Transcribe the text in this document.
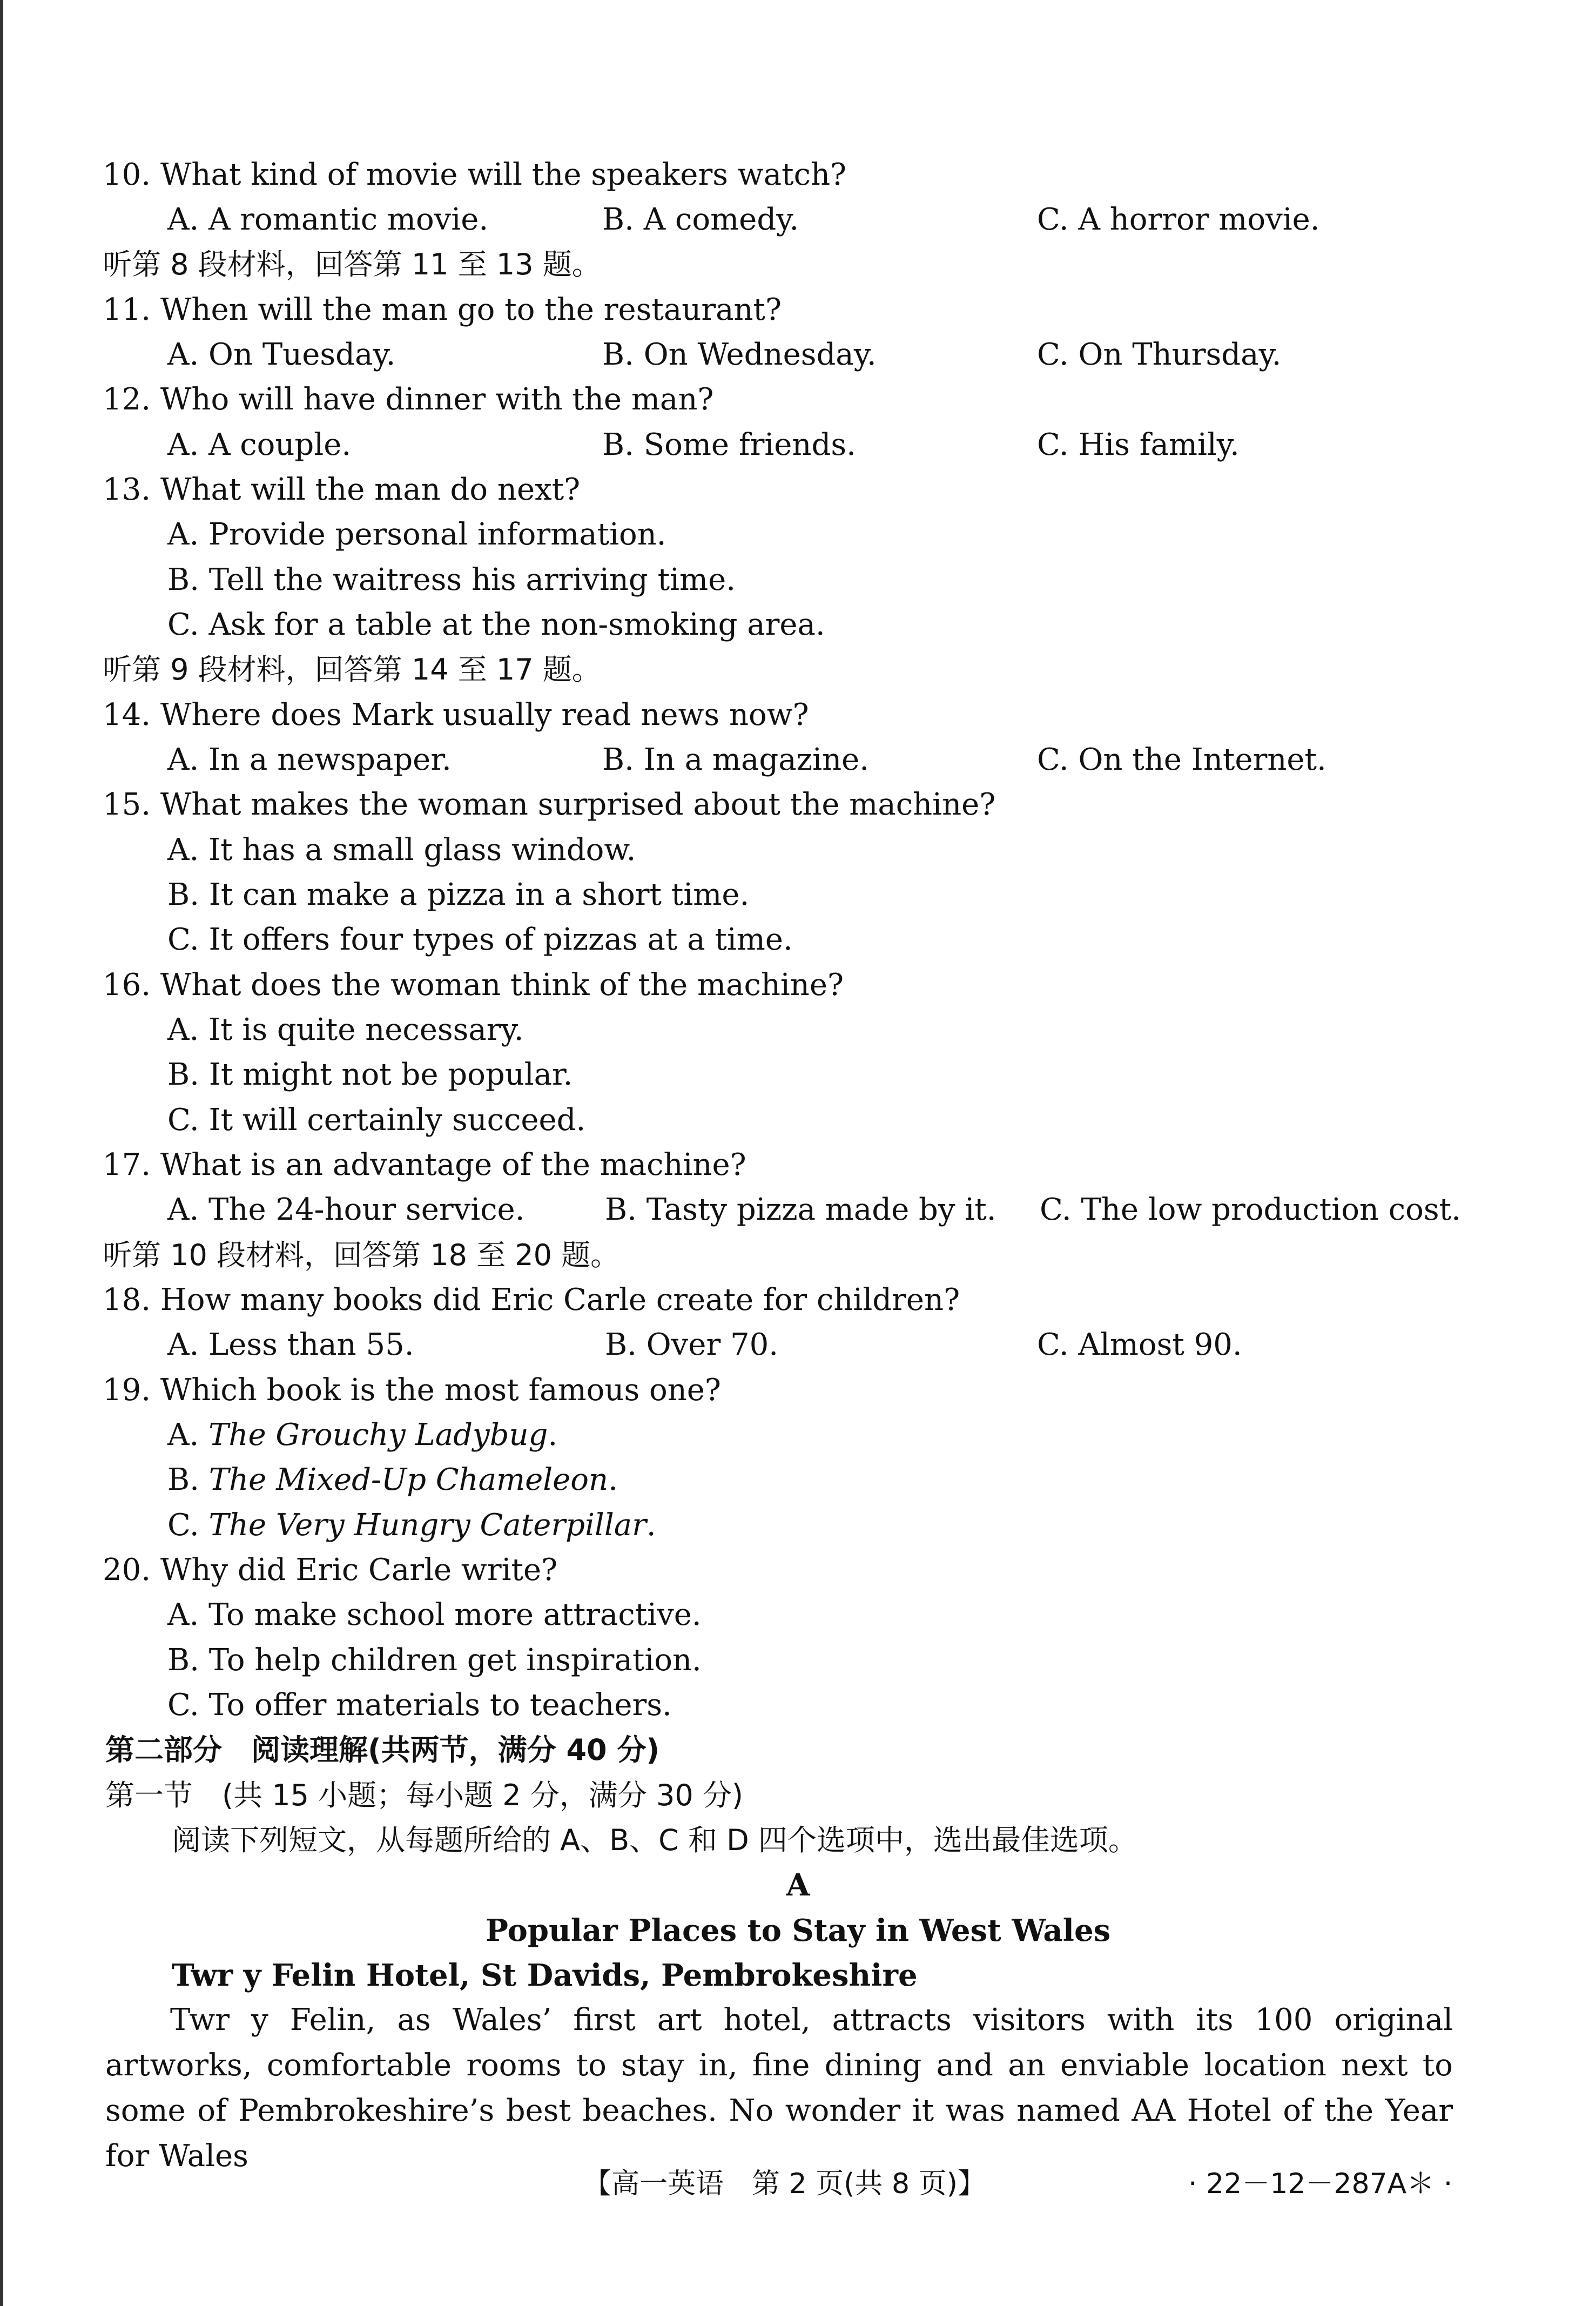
10. What kind of movie will the speakers watch?
A. A romantic movie.	B. A comedy.	C. A horror movie.
听第 8 段材料，回答第 11 至 13 题。
11. When will the man go to the restaurant?
A. On Tuesday.	B. On Wednesday.	C. On Thursday.
12. Who will have dinner with the man?
A. A couple.	B. Some friends.	C. His family.
13. What will the man do next?
A. Provide personal information.
B. Tell the waitress his arriving time.
C. Ask for a table at the non-smoking area.
听第 9 段材料，回答第 14 至 17 题。
14. Where does Mark usually read news now?
A. In a newspaper.	B. In a magazine.	C. On the Internet.
15. What makes the woman surprised about the machine?
A. It has a small glass window.
B. It can make a pizza in a short time.
C. It offers four types of pizzas at a time.
16. What does the woman think of the machine?
A. It is quite necessary.
B. It might not be popular.
C. It will certainly succeed.
17. What is an advantage of the machine?
A. The 24-hour service.	B. Tasty pizza made by it. C. The low production cost.
听第 10 段材料，回答第 18 至 20 题。
18. How many books did Eric Carle create for children?
A. Less than 55.	B. Over 70.	C. Almost 90.
19. Which book is the most famous one?
A. The Grouchy Ladybug.
B. The Mixed-Up Chameleon.
C. The Very Hungry Caterpillar.
20. Why did Eric Carle write?
A. To make school more attractive.
B. To help children get inspiration.
C. To offer materials to teachers.
第二部分　阅读理解(共两节，满分 40 分)
第一节　(共 15 小题；每小题 2 分，满分 30 分)
阅读下列短文，从每题所给的 A、B、C 和 D 四个选项中，选出最佳选项。
A
Popular Places to Stay in West Wales
Twr y Felin Hotel, St Davids, Pembrokeshire
Twr y Felin, as Wales’ first art hotel, attracts visitors with its 100 original artworks, comfortable rooms to stay in, fine dining and an enviable location next to some of Pembrokeshire’s best beaches. No wonder it was named AA Hotel of the Year for Wales
【高一英语　第 2 页(共 8 页)】	· 22－12－287A＊ ·
